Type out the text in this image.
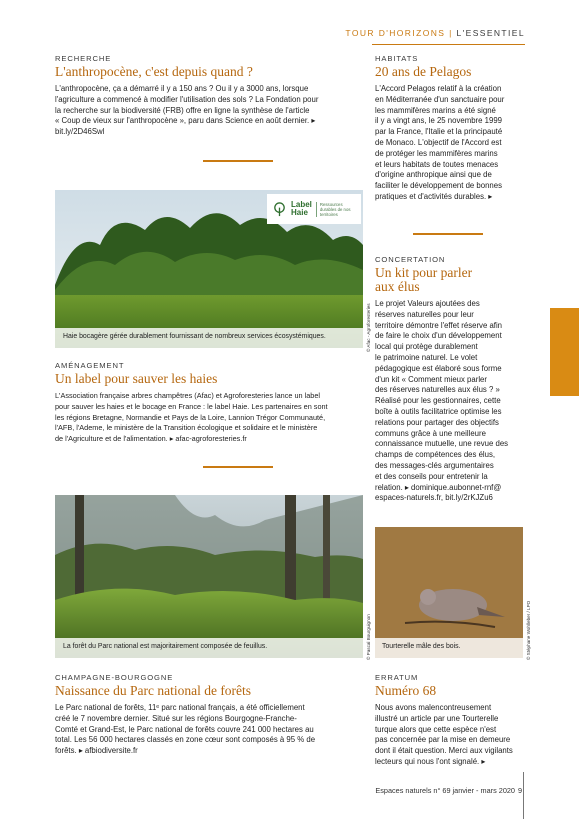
TOUR D'HORIZONS | L'ESSENTIEL
RECHERCHE
L'anthropocène, c'est depuis quand ?
L'anthropocène, ça a démarré il y a 150 ans ? Ou il y a 3000 ans, lorsque
l'agriculture a commencé à modifier l'utilisation des sols ? La Fondation pour
la recherche sur la biodiversité (FRB) offre en ligne la synthèse de l'article
« Coup de vieux sur l'anthropocène », paru dans Science en août dernier. ▸
bit.ly/2D46Swl
HABITATS
20 ans de Pelagos
L'Accord Pelagos relatif à la création
en Méditerranée d'un sanctuaire pour
les mammifères marins a été signé
il y a vingt ans, le 25 novembre 1999
par la France, l'Italie et la principauté
de Monaco. L'objectif de l'Accord est
de protéger les mammifères marins
et leurs habitats de toutes menaces
d'origine anthropique ainsi que de
faciliter le développement de bonnes
pratiques et d'activités durables. ▸
Label
Haie
Ressources
durables de nos
territoires
Haie bocagère gérée durablement fournissant de nombreux services écosystémiques.	© Afac - Agroforesteries
AMÉNAGEMENT
Un label pour sauver les haies
L'Association française arbres champêtres (Afac) et Agroforesteries lance un label
pour sauver les haies et le bocage en France : le label Haie. Les partenaires en sont
les régions Bretagne, Normandie et Pays de la Loire, Lannion Trégor Communauté,
l'AFB, l'Ademe, le ministère de la Transition écologique et solidaire et le ministère
de l'Agriculture et de l'alimentation. ▸ afac-agroforesteries.fr
CONCERTATION
Un kit pour parler
aux élus
Le projet Valeurs ajoutées des
réserves naturelles pour leur
territoire démontre l'effet réserve afin
de faire le choix d'un développement
local qui protège durablement
le patrimoine naturel. Le volet
pédagogique est élaboré sous forme
d'un kit « Comment mieux parler
des réserves naturelles aux élus ? »
Réalisé pour les gestionnaires, cette
boîte à outils facilitatrice optimise les
relations pour partager des objectifs
communs grâce à une meilleure
connaissance mutuelle, une revue des
champs de compétences des élus,
des messages-clés argumentaires
et des conseils pour entretenir la
relation. ▸ dominique.aubonnet-rnf@
espaces-naturels.fr, bit.ly/2rKJZu6
La forêt du Parc national est majoritairement composée de feuillus.	© Pascal Bourguignon Tourterelle mâle des bois.	© Stéphane Wohlleber / LPO
CHAMPAGNE-BOURGOGNE
Naissance du Parc national de forêts
Le Parc national de forêts, 11ᵉ parc national français, a été officiellement
créé le 7 novembre dernier. Situé sur les régions Bourgogne-Franche-
Comté et Grand-Est, le Parc national de forêts couvre 241 000 hectares au
total. Les 56 000 hectares classés en zone cœur sont composés à 95 % de
forêts. ▸ afbiodiversite.fr
ERRATUM
Numéro 68
Nous avons malencontreusement
illustré un article par une Tourterelle
turque alors que cette espèce n'est
pas concernée par la mise en demeure
dont il était question. Merci aux vigilants
lecteurs qui nous l'ont signalé. ▸
Espaces naturels n° 69 janvier - mars 2020 9
